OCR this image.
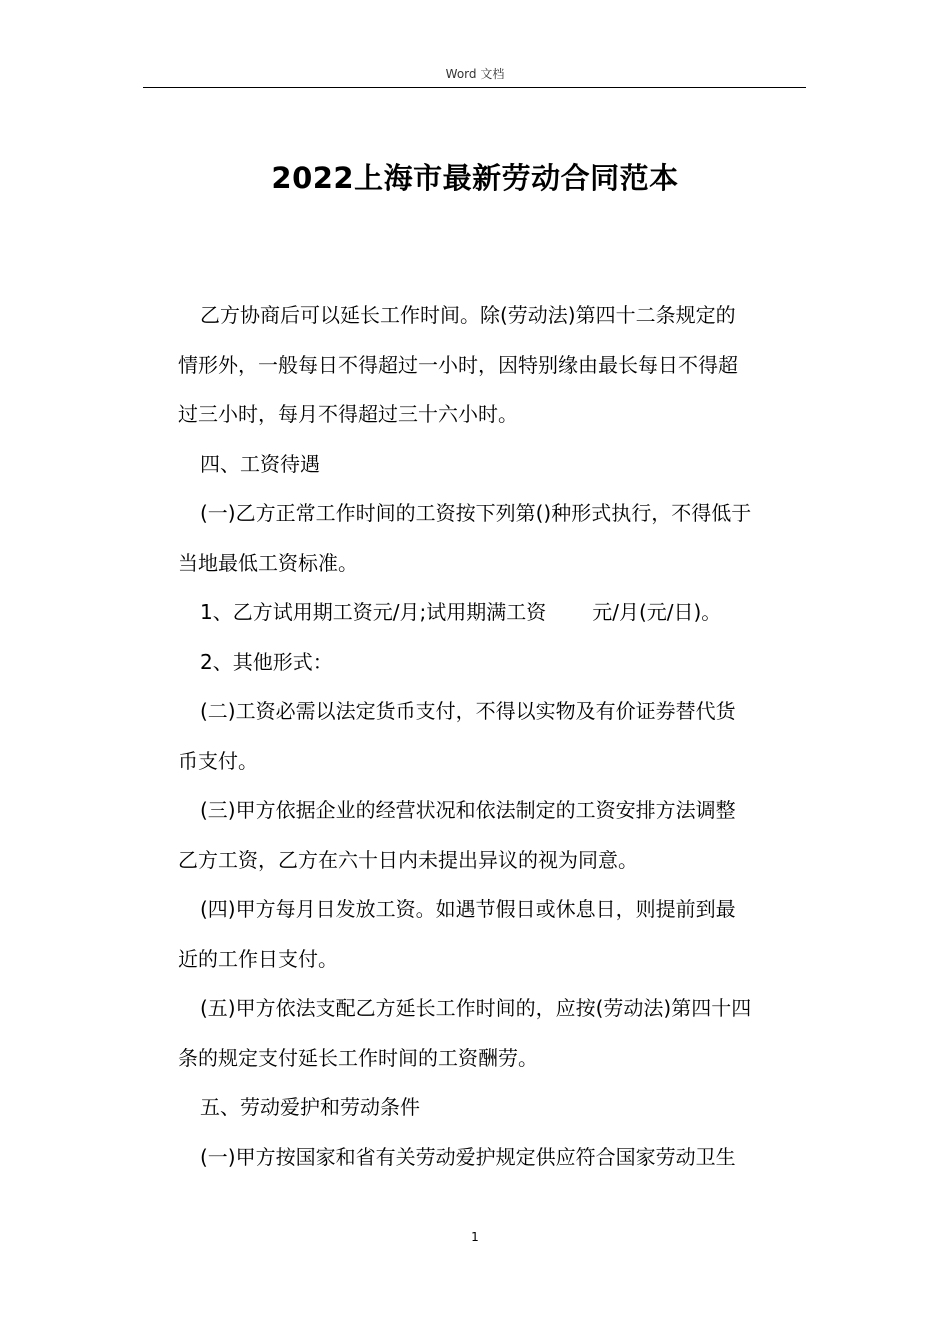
Word 文档
2022上海市最新劳动合同范本

乙方协商后可以延长工作时间。除(劳动法)第四十二条规定的
情形外，一般每日不得超过一小时，因特别缘由最长每日不得超
过三小时，每月不得超过三十六小时。

四、工资待遇

(一)乙方正常工作时间的工资按下列第()种形式执行，不得低于
当地最低工资标准。

1、乙方试用期工资元/月;试用期满工资 元/月(元/日)。

2、其他形式：

(二)工资必需以法定货币支付，不得以实物及有价证券替代货
币支付。

(三)甲方依据企业的经营状况和依法制定的工资安排方法调整
乙方工资，乙方在六十日内未提出异议的视为同意。

(四)甲方每月日发放工资。如遇节假日或休息日，则提前到最
近的工作日支付。

(五)甲方依法支配乙方延长工作时间的，应按(劳动法)第四十四
条的规定支付延长工作时间的工资酬劳。

五、劳动爱护和劳动条件

(一)甲方按国家和省有关劳动爱护规定供应符合国家劳动卫生

1
